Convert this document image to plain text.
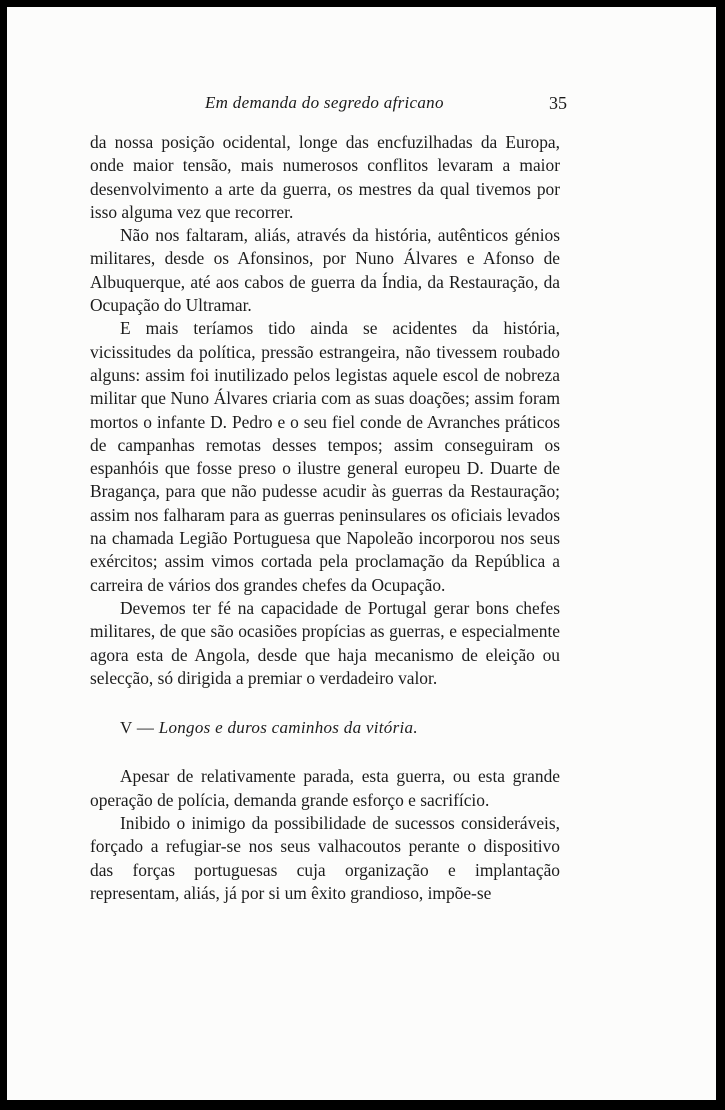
Em demanda do segredo africano	35

da nossa posição ocidental, longe das encfuzilhadas da Europa, onde maior tensão, mais numerosos conflitos levaram a maior desenvolvimento a arte da guerra, os mestres da qual tivemos por isso alguma vez que recorrer.

Não nos faltaram, aliás, através da história, autênticos génios militares, desde os Afonsinos, por Nuno Álvares e Afonso de Albuquerque, até aos cabos de guerra da Índia, da Restauração, da Ocupação do Ultramar.

E mais teríamos tido ainda se acidentes da história, vicissitudes da política, pressão estrangeira, não tivessem roubado alguns: assim foi inutilizado pelos legistas aquele escol de nobreza militar que Nuno Álvares criaria com as suas doações; assim foram mortos o infante D. Pedro e o seu fiel conde de Avranches práticos de campanhas remotas desses tempos; assim conseguiram os espanhóis que fosse preso o ilustre general europeu D. Duarte de Bragança, para que não pudesse acudir às guerras da Restauração; assim nos falharam para as guerras peninsulares os oficiais levados na chamada Legião Portuguesa que Napoleão incorporou nos seus exércitos; assim vimos cortada pela proclamação da República a carreira de vários dos grandes chefes da Ocupação.

Devemos ter fé na capacidade de Portugal gerar bons chefes militares, de que são ocasiões propícias as guerras, e especialmente agora esta de Angola, desde que haja mecanismo de eleição ou selecção, só dirigida a premiar o verdadeiro valor.

V — Longos e duros caminhos da vitória.

Apesar de relativamente parada, esta guerra, ou esta grande operação de polícia, demanda grande esforço e sacrifício.

Inibido o inimigo da possibilidade de sucessos consideráveis, forçado a refugiar-se nos seus valhacoutos perante o dispositivo das forças portuguesas cuja organização e implantação representam, aliás, já por si um êxito grandioso, impõe-se
